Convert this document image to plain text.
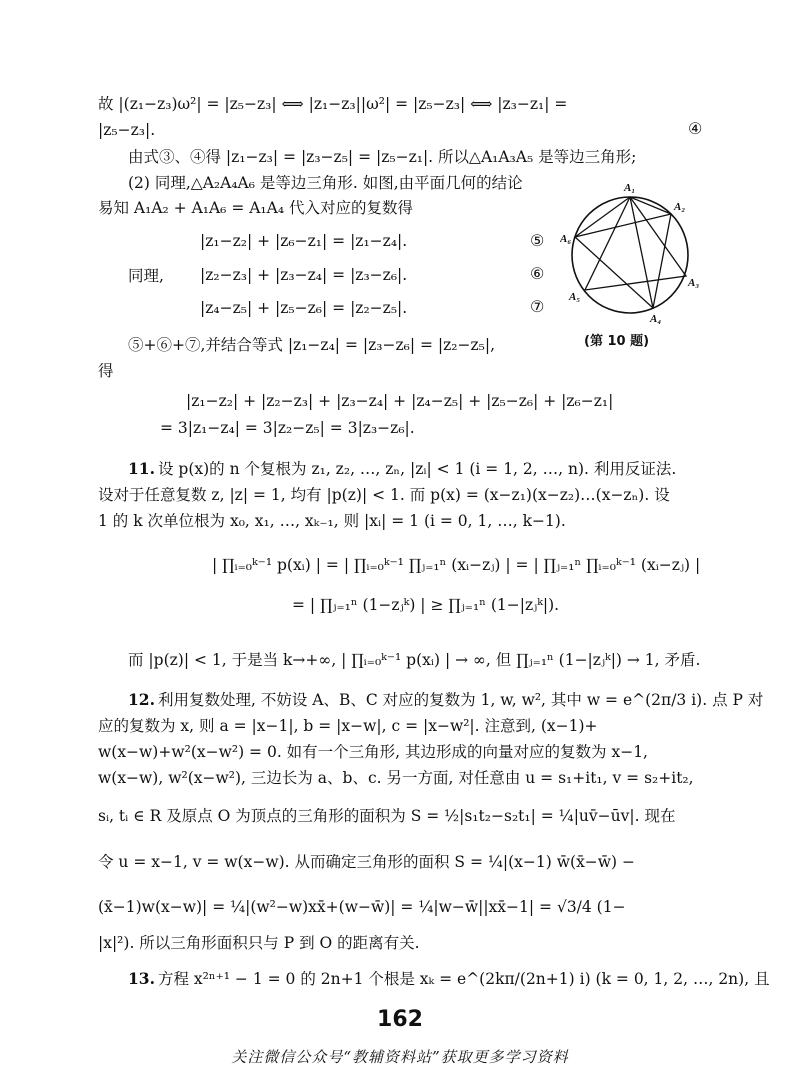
故 |(z₁−z₃)ω²| = |z₅−z₃| ⟺ |z₁−z₃||ω²| = |z₅−z₃| ⟺ |z₃−z₁| =
|z₅−z₃|.	④
由式③、④得 |z₁−z₃| = |z₃−z₅| = |z₅−z₁|. 所以△A₁A₃A₅ 是等边三角形;
(2) 同理,△A₂A₄A₆ 是等边三角形. 如图,由平面几何的结论
易知 A₁A₂ + A₁A₆ = A₁A₄ 代入对应的复数得
|z₁−z₂| + |z₆−z₁| = |z₁−z₄|.	⑤
同理, |z₂−z₃| + |z₃−z₄| = |z₃−z₆|.	⑥
|z₄−z₅| + |z₅−z₆| = |z₂−z₅|.	⑦
A₁
A₂
A₃
A₄
A₅
A₆
(第 10 题)
⑤+⑥+⑦,并结合等式 |z₁−z₄| = |z₃−z₆| = |z₂−z₅|,
得
|z₁−z₂| + |z₂−z₃| + |z₃−z₄| + |z₄−z₅| + |z₅−z₆| + |z₆−z₁|
= 3|z₁−z₄| = 3|z₂−z₅| = 3|z₃−z₆|.
11. 设 p(x)的 n 个复根为 z₁, z₂, …, zₙ, |zᵢ| < 1 (i = 1, 2, …, n). 利用反证法.
设对于任意复数 z, |z| = 1, 均有 |p(z)| < 1. 而 p(x) = (x−z₁)(x−z₂)…(x−zₙ). 设
1 的 k 次单位根为 x₀, x₁, …, xₖ₋₁, 则 |xᵢ| = 1 (i = 0, 1, …, k−1).
| ∏ᵢ₌₀ᵏ⁻¹ p(xᵢ) | = | ∏ᵢ₌₀ᵏ⁻¹ ∏ⱼ₌₁ⁿ (xᵢ−zⱼ) | = | ∏ⱼ₌₁ⁿ ∏ᵢ₌₀ᵏ⁻¹ (xᵢ−zⱼ) |
= | ∏ⱼ₌₁ⁿ (1−zⱼᵏ) | ≥ ∏ⱼ₌₁ⁿ (1−|zⱼᵏ|).
而 |p(z)| < 1, 于是当 k→+∞, | ∏ᵢ₌₀ᵏ⁻¹ p(xᵢ) | → ∞, 但 ∏ⱼ₌₁ⁿ (1−|zⱼᵏ|) → 1, 矛盾.
12. 利用复数处理, 不妨设 A、B、C 对应的复数为 1, w, w², 其中 w = e^(2π/3 i). 点 P 对
应的复数为 x, 则 a = |x−1|, b = |x−w|, c = |x−w²|. 注意到, (x−1)+
w(x−w)+w²(x−w²) = 0. 如有一个三角形, 其边形成的向量对应的复数为 x−1,
w(x−w), w²(x−w²), 三边长为 a、b、c. 另一方面, 对任意由 u = s₁+it₁, v = s₂+it₂,
sᵢ, tᵢ ∈ R 及原点 O 为顶点的三角形的面积为 S = ½|s₁t₂−s₂t₁| = ¼|uv̄−ūv|. 现在
令 u = x−1, v = w(x−w). 从而确定三角形的面积 S = ¼|(x−1) w̄(x̄−w̄) −
(x̄−1)w(x−w)| = ¼|(w²−w)xx̄+(w−w̄)| = ¼|w−w̄||xx̄−1| = √3/4 (1−
|x|²). 所以三角形面积只与 P 到 O 的距离有关.
13. 方程 x²ⁿ⁺¹ − 1 = 0 的 2n+1 个根是 xₖ = e^(2kπ/(2n+1) i) (k = 0, 1, 2, …, 2n), 且
162
关注微信公众号“教辅资料站”获取更多学习资料
